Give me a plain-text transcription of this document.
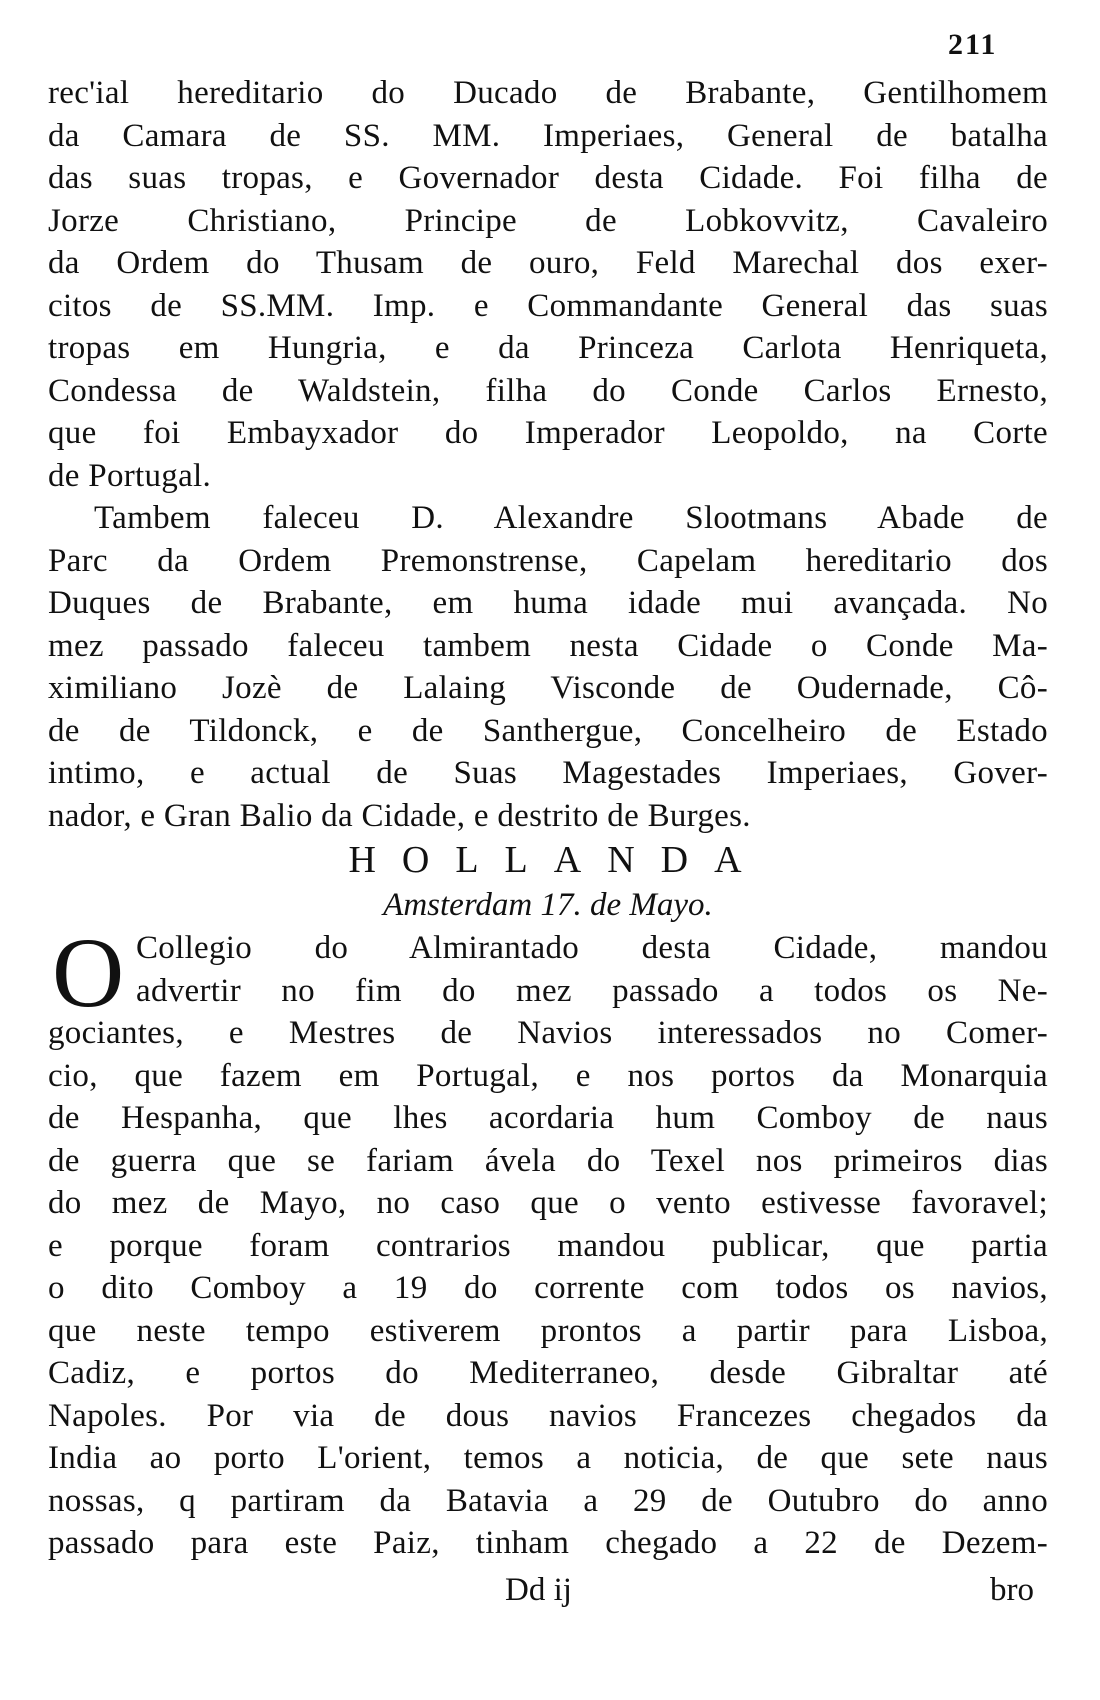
211
rec'ial hereditario do Ducado de Brabante, Gentilhomem
da Camara de SS. MM. Imperiaes, General de batalha
das suas tropas, e Governador desta Cidade. Foi filha de
Jorze Christiano, Principe de Lobkovvitz, Cavaleiro
da Ordem do Thusam de ouro, Feld Marechal dos exer-
citos de SS.MM. Imp. e Commandante General das suas
tropas em Hungria, e da Princeza Carlota Henriqueta,
Condessa de Waldstein, filha do Conde Carlos Ernesto,
que foi Embayxador do Imperador Leopoldo, na Corte
de Portugal.
Tambem faleceu D. Alexandre Slootmans Abade de
Parc da Ordem Premonstrense, Capelam hereditario dos
Duques de Brabante, em huma idade mui avançada. No
mez passado faleceu tambem nesta Cidade o Conde Ma-
ximiliano Jozè de Lalaing Visconde de Oudernade, Cô-
de de Tildonck, e de Santhergue, Concelheiro de Estado
intimo, e actual de Suas Magestades Imperiaes, Gover-
nador, e Gran Balio da Cidade, e destrito de Burges.
HOLLANDA
Amsterdam 17. de Mayo.
O Collegio do Almirantado desta Cidade, mandou
advertir no fim do mez passado a todos os Ne-
gociantes, e Mestres de Navios interessados no Comer-
cio, que fazem em Portugal, e nos portos da Monarquia
de Hespanha, que lhes acordaria hum Comboy de naus
de guerra que se fariam ávela do Texel nos primeiros dias
do mez de Mayo, no caso que o vento estivesse favoravel;
e porque foram contrarios mandou publicar, que partia
o dito Comboy a 19 do corrente com todos os navios,
que neste tempo estiverem prontos a partir para Lisboa,
Cadiz, e portos do Mediterraneo, desde Gibraltar até
Napoles. Por via de dous navios Francezes chegados da
India ao porto L'orient, temos a noticia, de que sete naus
nossas, q partiram da Batavia a 29 de Outubro do anno
passado para este Paiz, tinham chegado a 22 de Dezem-
Dd ij	bro
